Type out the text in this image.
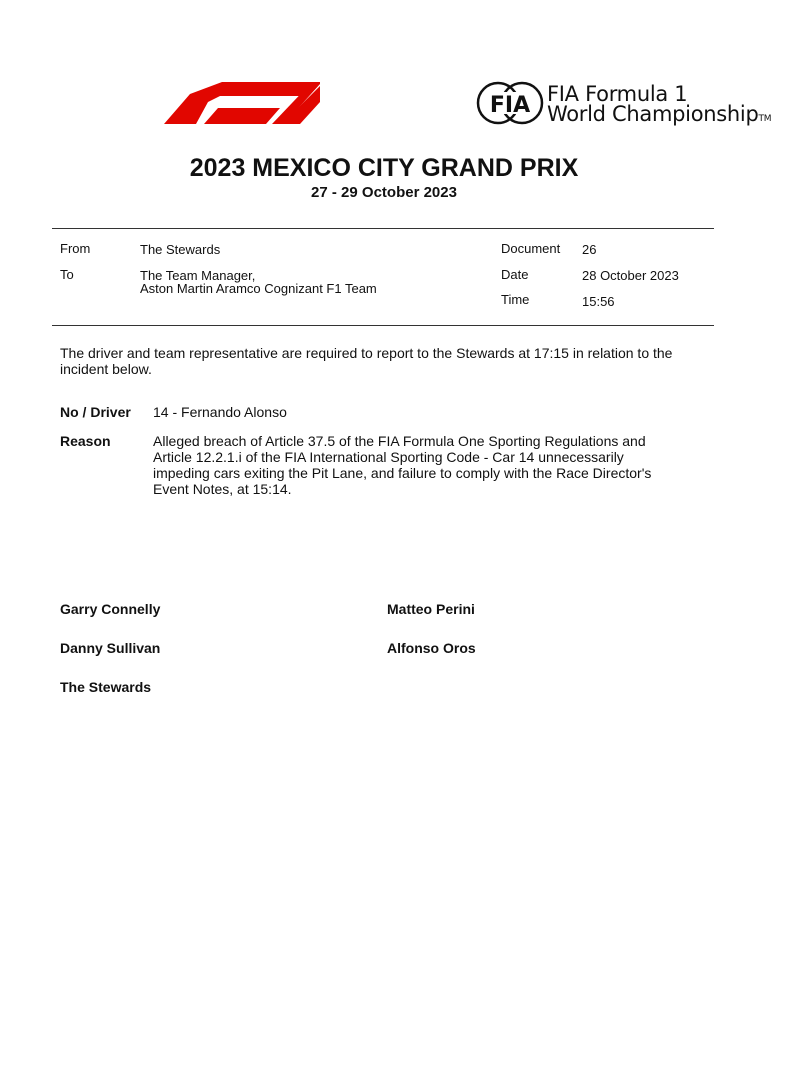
FIA FIA Formula 1
World ChampionshipTM
2023 MEXICO CITY GRAND PRIX
27 - 29 October 2023
From	The Stewards
To	The Team Manager,
Aston Martin Aramco Cognizant F1 Team
Document 26
Date	28 October 2023
Time	15:56
The driver and team representative are required to report to the Stewards at 17:15 in relation to the incident below.
No / Driver 14 - Fernando Alonso
Reason	Alleged breach of Article 37.5 of the FIA Formula One Sporting Regulations and Article 12.2.1.i of the FIA International Sporting Code - Car 14 unnecessarily impeding cars exiting the Pit Lane, and failure to comply with the Race Director's Event Notes, at 15:14.
Garry Connelly	Matteo Perini
Danny Sullivan	Alfonso Oros
The Stewards
